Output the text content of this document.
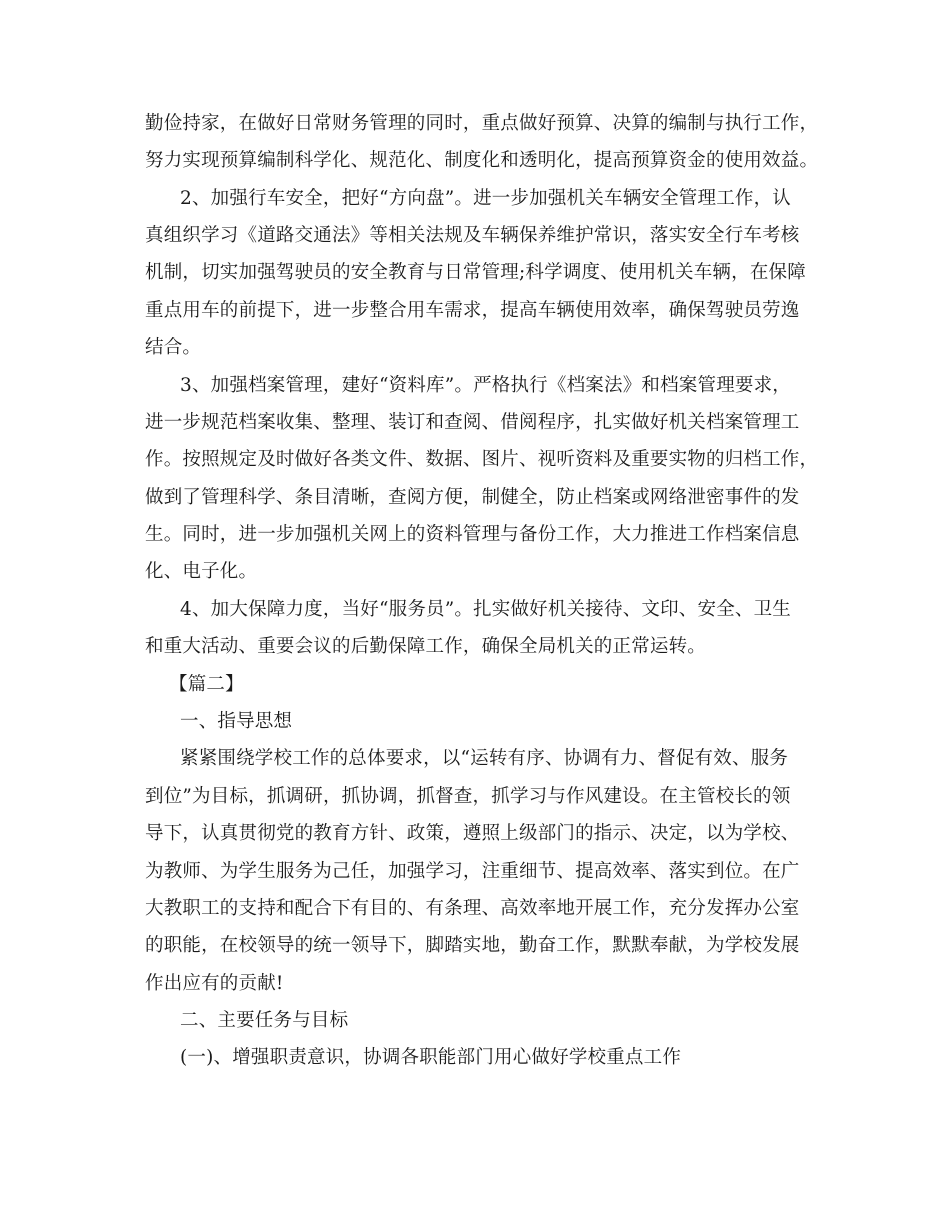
勤俭持家，在做好日常财务管理的同时，重点做好预算、决算的编制与执行工作，
努力实现预算编制科学化、规范化、制度化和透明化，提高预算资金的使用效益。
2、加强行车安全，把好“方向盘”。进一步加强机关车辆安全管理工作，认
真组织学习《道路交通法》等相关法规及车辆保养维护常识，落实安全行车考核
机制，切实加强驾驶员的安全教育与日常管理;科学调度、使用机关车辆，在保障
重点用车的前提下，进一步整合用车需求，提高车辆使用效率，确保驾驶员劳逸
结合。
3、加强档案管理，建好“资料库”。严格执行《档案法》和档案管理要求，
进一步规范档案收集、整理、装订和查阅、借阅程序，扎实做好机关档案管理工
作。按照规定及时做好各类文件、数据、图片、视听资料及重要实物的归档工作，
做到了管理科学、条目清晰，查阅方便，制健全，防止档案或网络泄密事件的发
生。同时，进一步加强机关网上的资料管理与备份工作，大力推进工作档案信息
化、电子化。
4、加大保障力度，当好“服务员”。扎实做好机关接待、文印、安全、卫生
和重大活动、重要会议的后勤保障工作，确保全局机关的正常运转。
【篇二】
一、指导思想
紧紧围绕学校工作的总体要求，以“运转有序、协调有力、督促有效、服务
到位”为目标，抓调研，抓协调，抓督查，抓学习与作风建设。在主管校长的领
导下，认真贯彻党的教育方针、政策，遵照上级部门的指示、决定，以为学校、
为教师、为学生服务为己任，加强学习，注重细节、提高效率、落实到位。在广
大教职工的支持和配合下有目的、有条理、高效率地开展工作，充分发挥办公室
的职能，在校领导的统一领导下，脚踏实地，勤奋工作，默默奉献，为学校发展
作出应有的贡献!
二、主要任务与目标
(一)、增强职责意识，协调各职能部门用心做好学校重点工作
